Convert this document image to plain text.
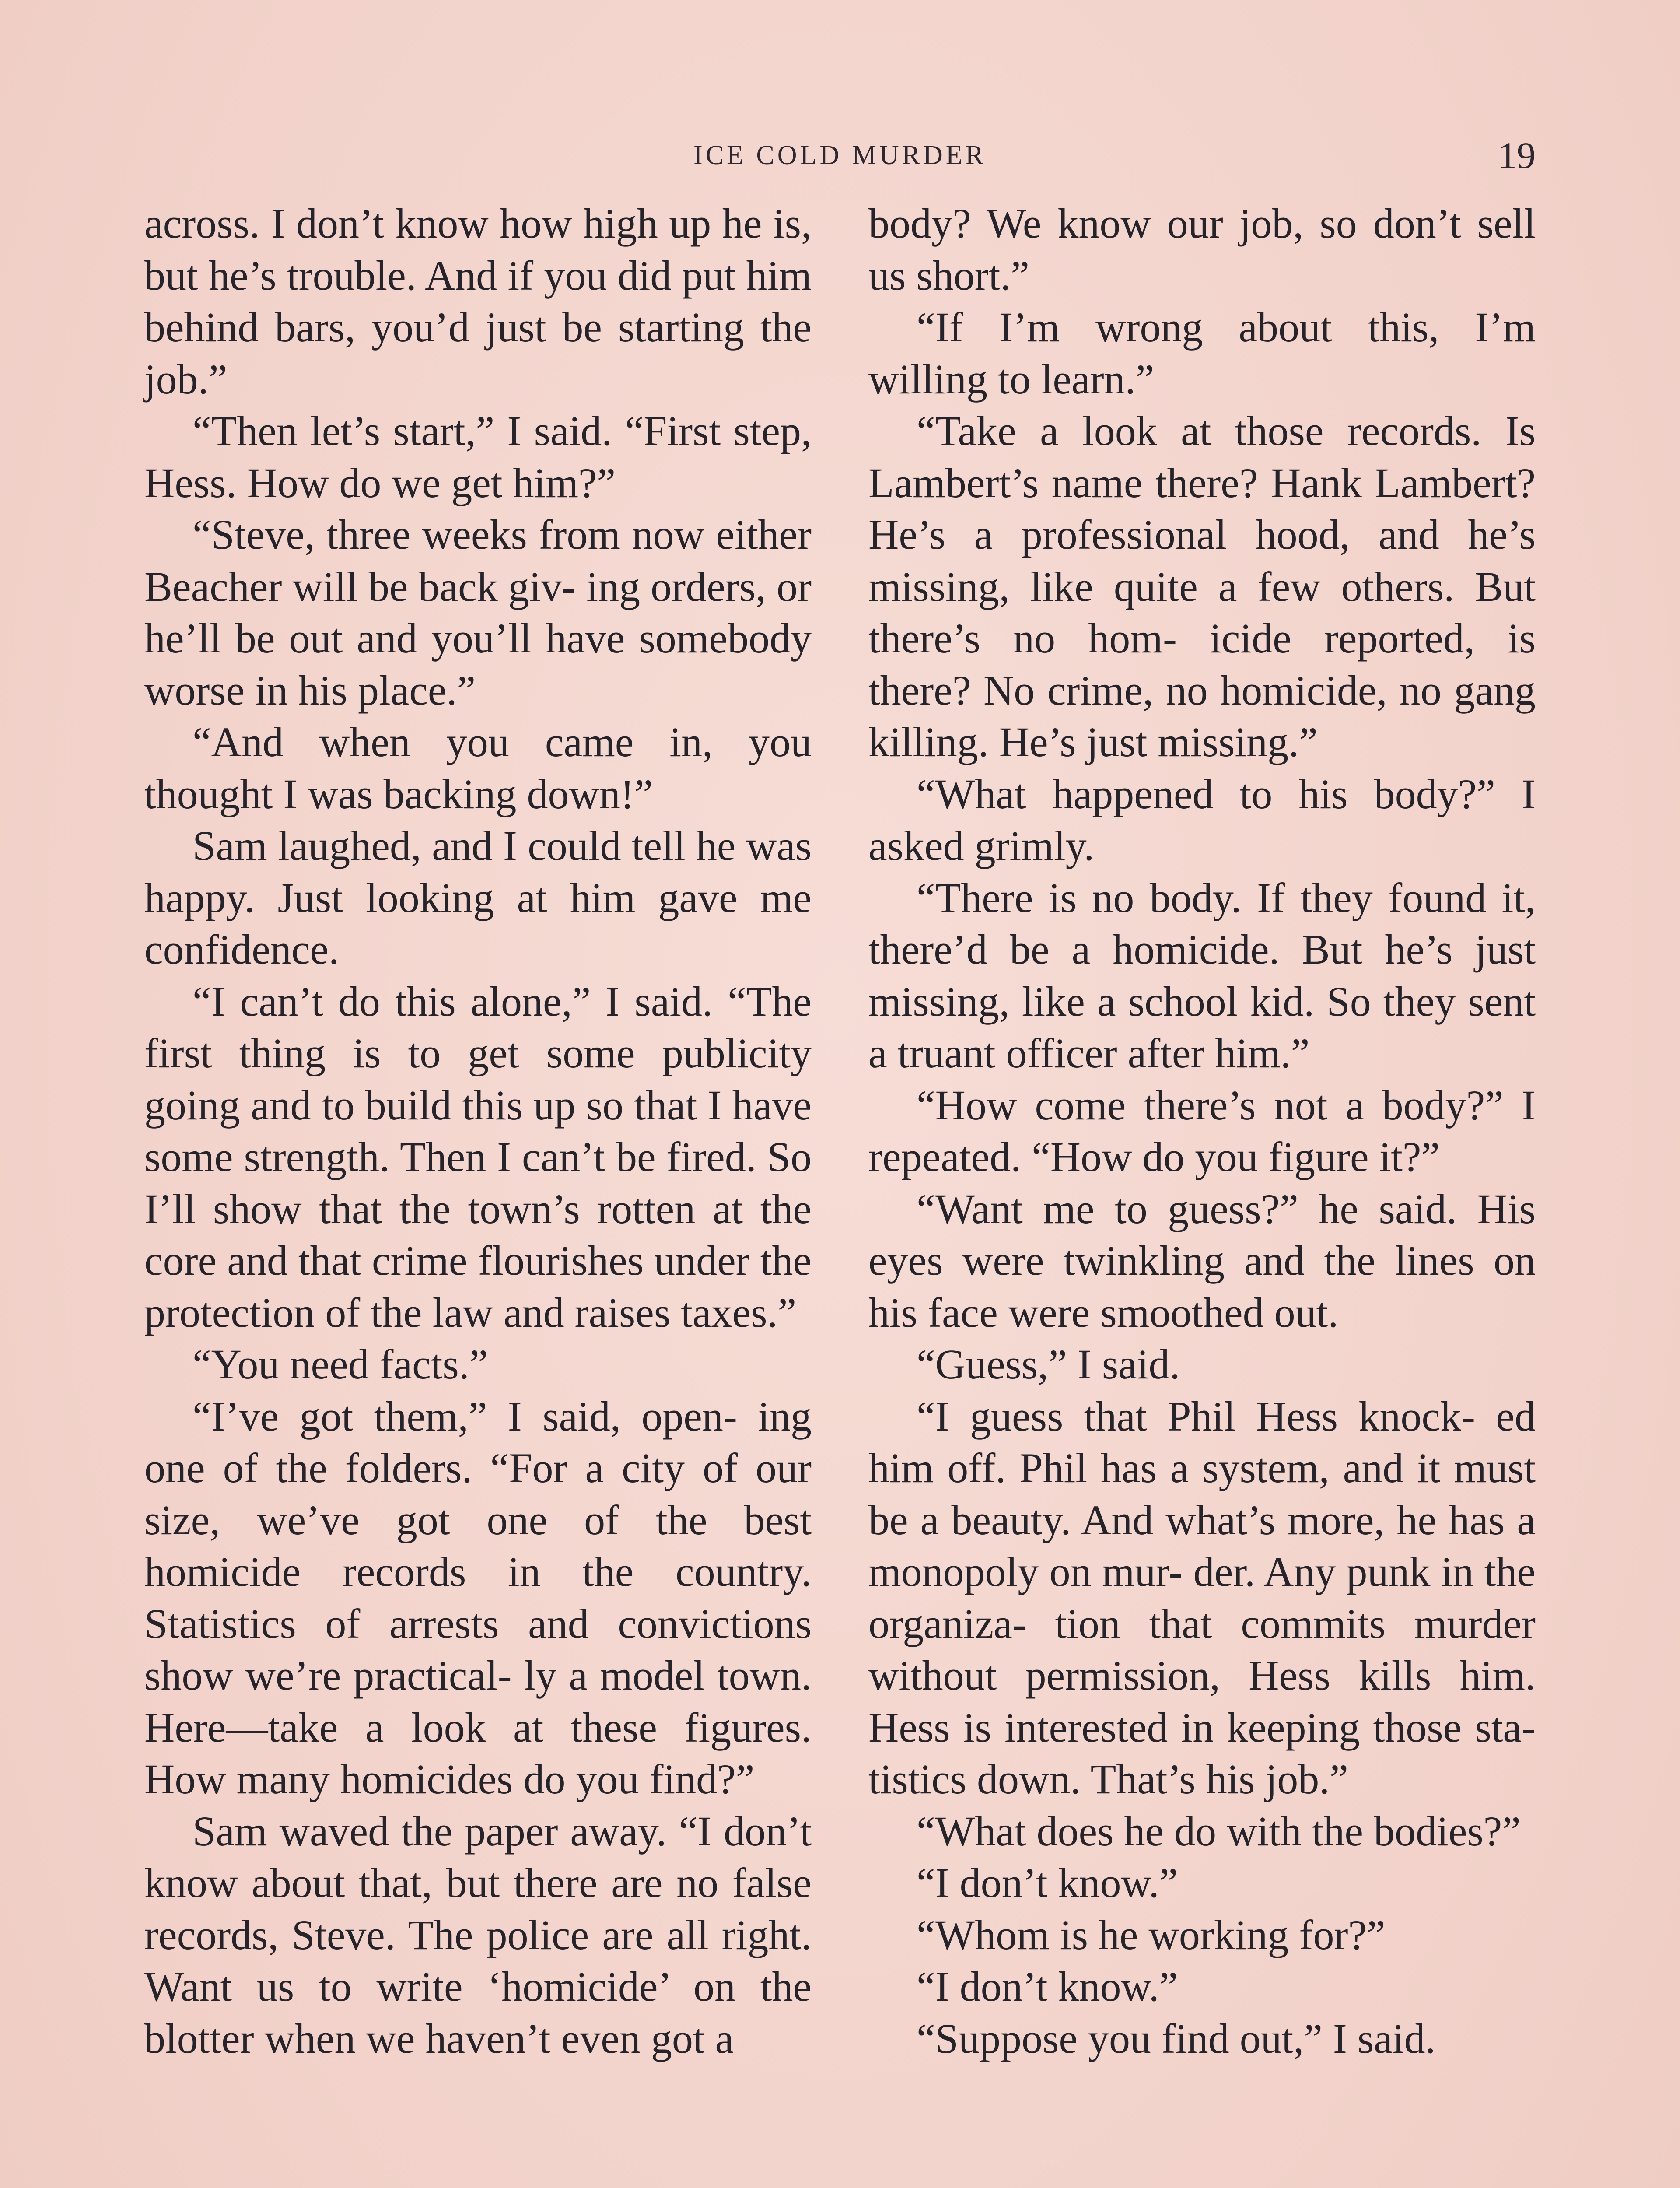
ICE COLD MURDER	19

across. I don’t know how high up he is, but he’s trouble. And if you did put him behind bars, you’d just be starting the job.”

“Then let’s start,” I said. “First step, Hess. How do we get him?”

“Steve, three weeks from now either Beacher will be back giv- ing orders, or he’ll be out and you’ll have somebody worse in his place.”

“And when you came in, you thought I was backing down!”

Sam laughed, and I could tell he was happy. Just looking at him gave me confidence.

“I can’t do this alone,” I said. “The first thing is to get some publicity going and to build this up so that I have some strength. Then I can’t be fired. So I’ll show that the town’s rotten at the core and that crime flourishes under the protection of the law and raises taxes.”

“You need facts.”

“I’ve got them,” I said, open- ing one of the folders. “For a city of our size, we’ve got one of the best homicide records in the country. Statistics of arrests and convictions show we’re practical- ly a model town. Here—take a look at these figures. How many homicides do you find?”

Sam waved the paper away. “I don’t know about that, but there are no false records, Steve. The police are all right. Want us to write ‘homicide’ on the blotter when we haven’t even got a

body? We know our job, so don’t sell us short.”

“If I’m wrong about this, I’m willing to learn.”

“Take a look at those records. Is Lambert’s name there? Hank Lambert? He’s a professional hood, and he’s missing, like quite a few others. But there’s no hom- icide reported, is there? No crime, no homicide, no gang killing. He’s just missing.”

“What happened to his body?” I asked grimly.

“There is no body. If they found it, there’d be a homicide. But he’s just missing, like a school kid. So they sent a truant officer after him.”

“How come there’s not a body?” I repeated. “How do you figure it?”

“Want me to guess?” he said. His eyes were twinkling and the lines on his face were smoothed out.

“Guess,” I said.

“I guess that Phil Hess knock- ed him off. Phil has a system, and it must be a beauty. And what’s more, he has a monopoly on mur- der. Any punk in the organiza- tion that commits murder without permission, Hess kills him. Hess is interested in keeping those sta- tistics down. That’s his job.”

“What does he do with the bodies?”

“I don’t know.”

“Whom is he working for?”

“I don’t know.”

“Suppose you find out,” I said.
